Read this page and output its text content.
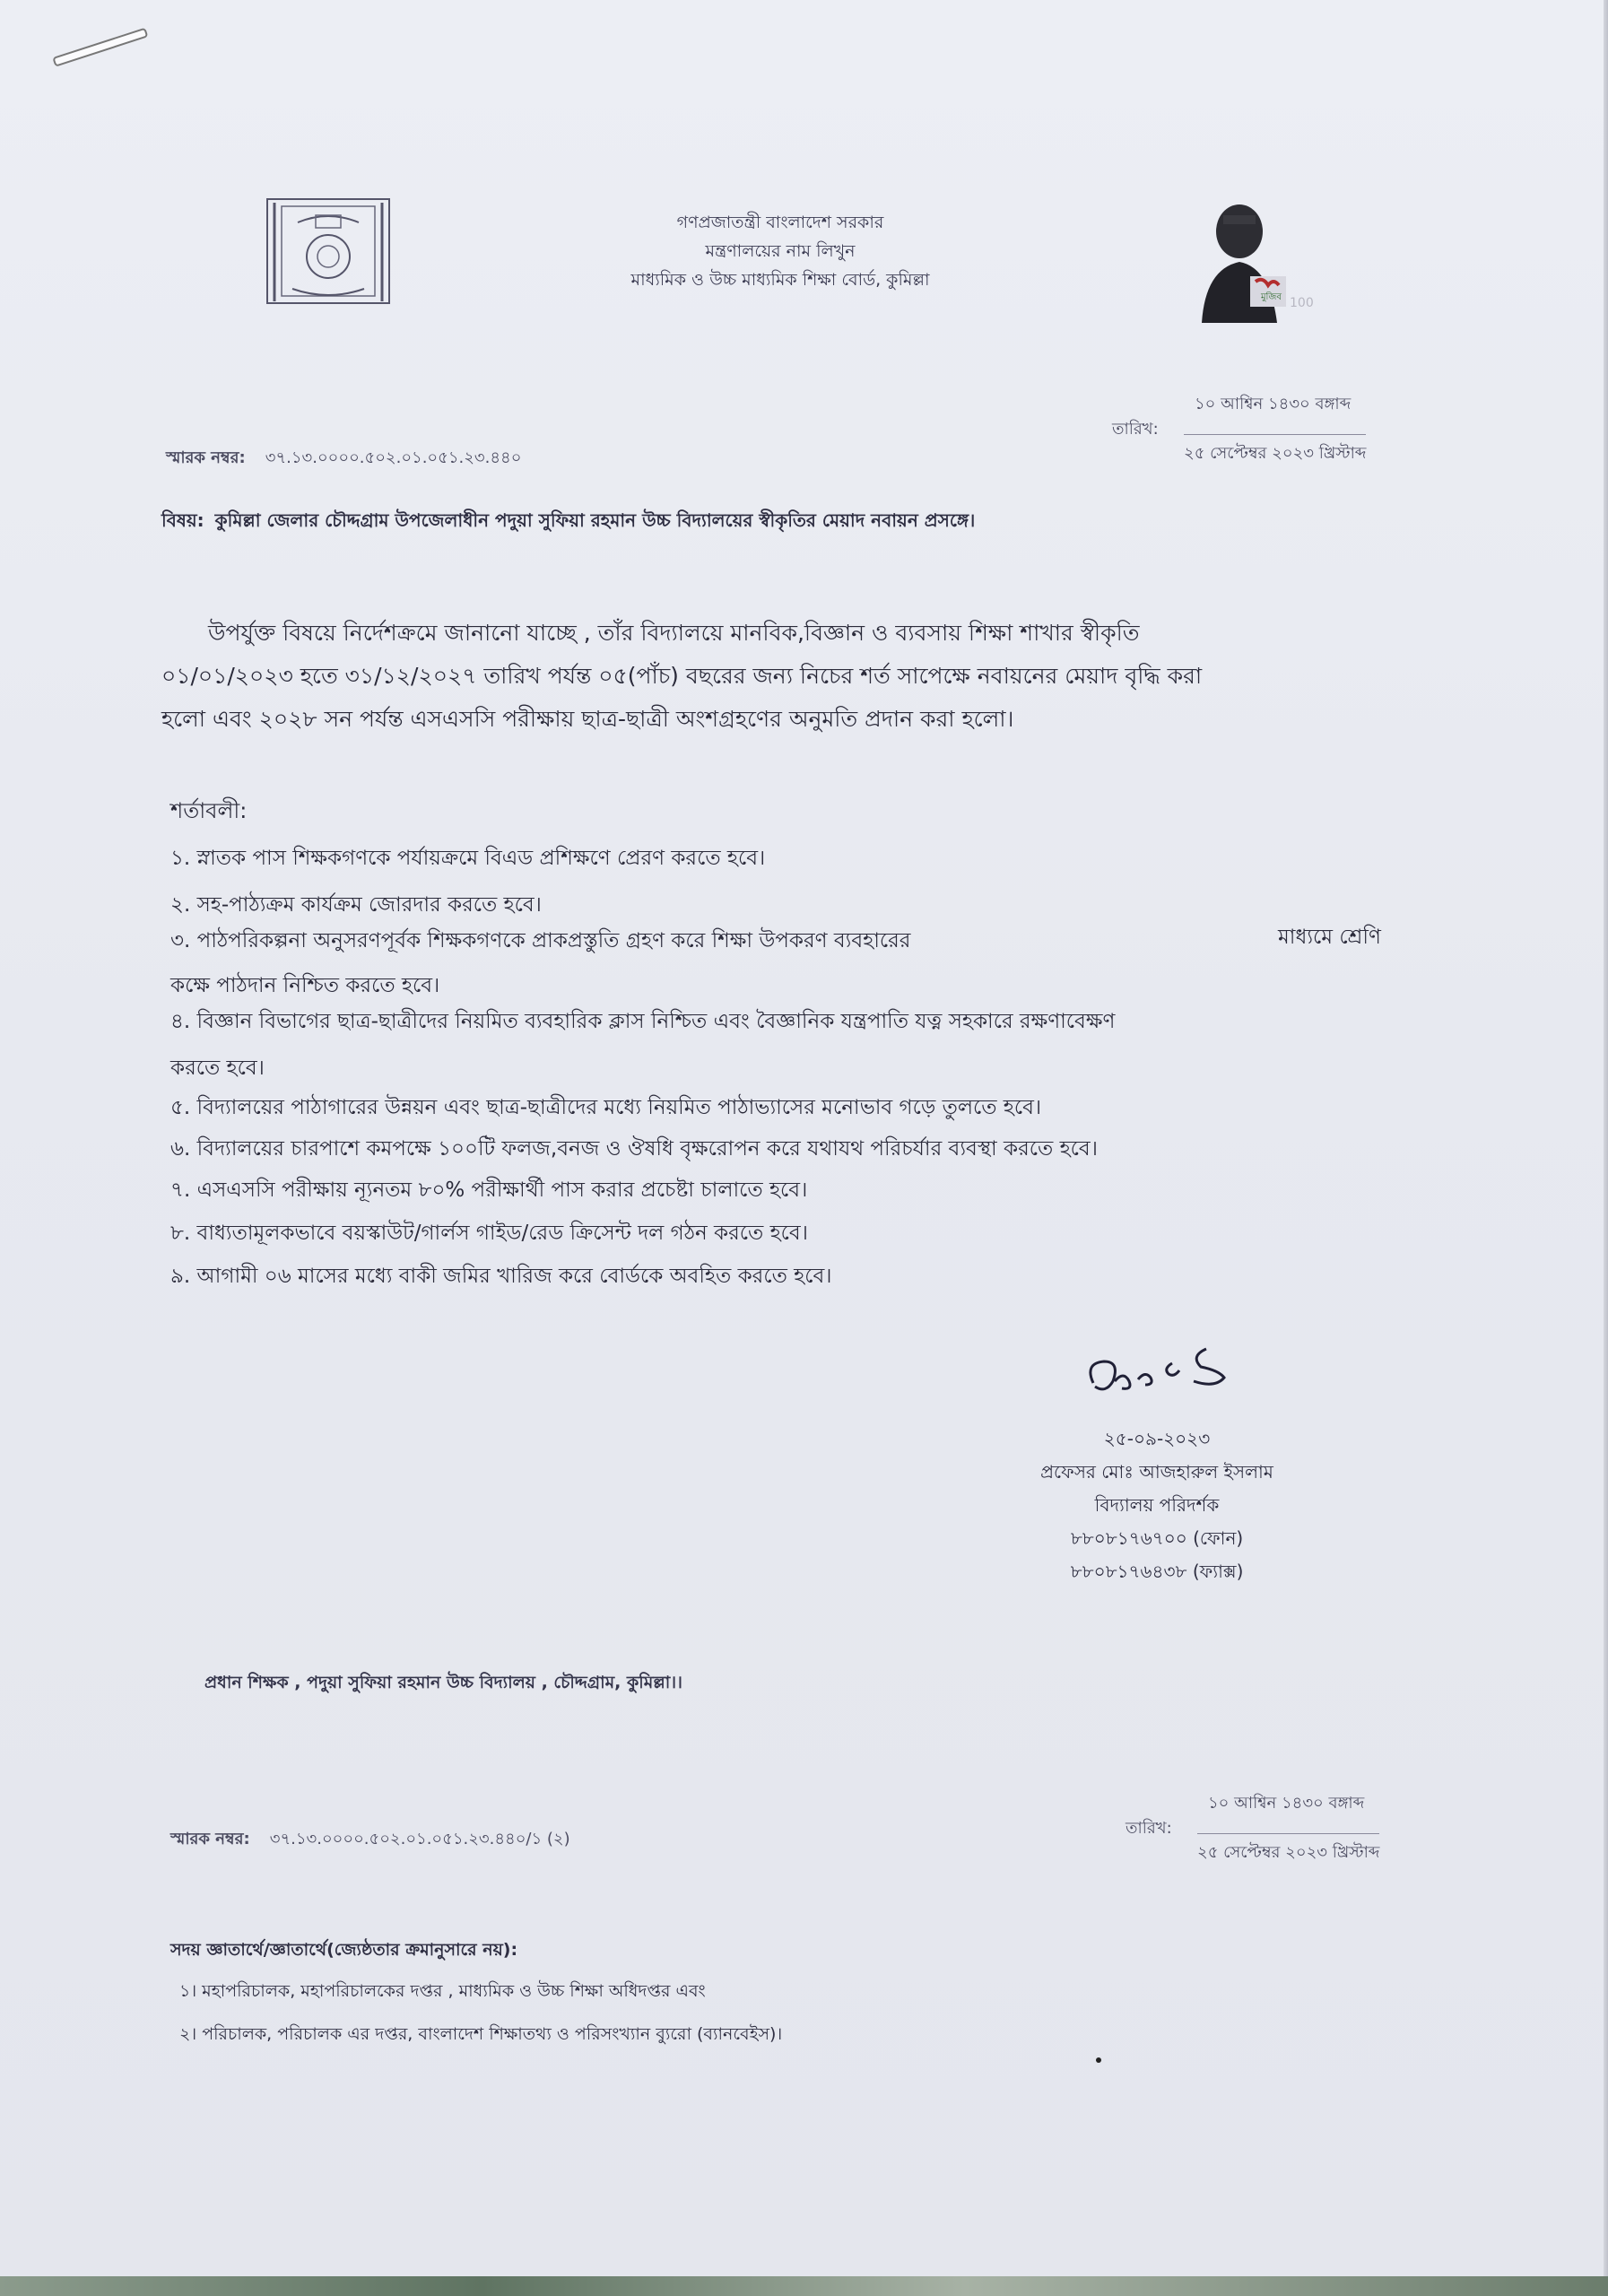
গণপ্রজাতন্ত্রী বাংলাদেশ সরকার
মন্ত্রণালয়ের নাম লিখুন
মাধ্যমিক ও উচ্চ মাধ্যমিক শিক্ষা বোর্ড, কুমিল্লা
মুজিব 100
স্মারক নম্বর: ৩৭.১৩.০০০০.৫০২.০১.০৫১.২৩.৪৪০
তারিখ:
১০ আশ্বিন ১৪৩০ বঙ্গাব্দ
২৫ সেপ্টেম্বর ২০২৩ খ্রিস্টাব্দ
বিষয়: কুমিল্লা জেলার চৌদ্দগ্রাম উপজেলাধীন পদুয়া সুফিয়া রহমান উচ্চ বিদ্যালয়ের স্বীকৃতির মেয়াদ নবায়ন প্রসঙ্গে।
উপর্যুক্ত বিষয়ে নির্দেশক্রমে জানানো যাচ্ছে , তাঁর বিদ্যালয়ে মানবিক,বিজ্ঞান ও ব্যবসায় শিক্ষা শাখার স্বীকৃতি
০১/০১/২০২৩ হতে ৩১/১২/২০২৭ তারিখ পর্যন্ত ০৫(পাঁচ) বছরের জন্য নিচের শর্ত সাপেক্ষে নবায়নের মেয়াদ বৃদ্ধি করা
হলো এবং ২০২৮ সন পর্যন্ত এসএসসি পরীক্ষায় ছাত্র-ছাত্রী অংশগ্রহণের অনুমতি প্রদান করা হলো।
শর্তাবলী:
১. স্নাতক পাস শিক্ষকগণকে পর্যায়ক্রমে বিএড প্রশিক্ষণে প্রেরণ করতে হবে।
২. সহ-পাঠ্যক্রম কার্যক্রম জোরদার করতে হবে।
৩. পাঠপরিকল্পনা অনুসরণপূর্বক শিক্ষকগণকে প্রাকপ্রস্তুতি গ্রহণ করে শিক্ষা উপকরণ ব্যবহারের	মাধ্যমে শ্রেণি
কক্ষে পাঠদান নিশ্চিত করতে হবে।
৪. বিজ্ঞান বিভাগের ছাত্র-ছাত্রীদের নিয়মিত ব্যবহারিক ক্লাস নিশ্চিত এবং বৈজ্ঞানিক যন্ত্রপাতি যত্ন সহকারে রক্ষণাবেক্ষণ
করতে হবে।
৫. বিদ্যালয়ের পাঠাগারের উন্নয়ন এবং ছাত্র-ছাত্রীদের মধ্যে নিয়মিত পাঠাভ্যাসের মনোভাব গড়ে তুলতে হবে।
৬. বিদ্যালয়ের চারপাশে কমপক্ষে ১০০টি ফলজ,বনজ ও ঔষধি বৃক্ষরোপন করে যথাযথ পরিচর্যার ব্যবস্থা করতে হবে।
৭. এসএসসি পরীক্ষায় ন্যূনতম ৮০% পরীক্ষার্থী পাস করার প্রচেষ্টা চালাতে হবে।
৮. বাধ্যতামূলকভাবে বয়স্কাউট/গার্লস গাইড/রেড ক্রিসেন্ট দল গঠন করতে হবে।
৯. আগামী ০৬ মাসের মধ্যে বাকী জমির খারিজ করে বোর্ডকে অবহিত করতে হবে।
২৫-০৯-২০২৩
প্রফেসর মোঃ আজহারুল ইসলাম
বিদ্যালয় পরিদর্শক
৮৮০৮১৭৬৭০০ (ফোন)
৮৮০৮১৭৬৪৩৮ (ফ্যাক্স)
প্রধান শিক্ষক , পদুয়া সুফিয়া রহমান উচ্চ বিদ্যালয় , চৌদ্দগ্রাম, কুমিল্লা।।
স্মারক নম্বর: ৩৭.১৩.০০০০.৫০২.০১.০৫১.২৩.৪৪০/১ (২)
তারিখ:
১০ আশ্বিন ১৪৩০ বঙ্গাব্দ
২৫ সেপ্টেম্বর ২০২৩ খ্রিস্টাব্দ
সদয় জ্ঞাতার্থে/জ্ঞাতার্থে(জ্যেষ্ঠতার ক্রমানুসারে নয়):
১। মহাপরিচালক, মহাপরিচালকের দপ্তর , মাধ্যমিক ও উচ্চ শিক্ষা অধিদপ্তর এবং
২। পরিচালক, পরিচালক এর দপ্তর, বাংলাদেশ শিক্ষাতথ্য ও পরিসংখ্যান ব্যুরো (ব্যানবেইস)।
